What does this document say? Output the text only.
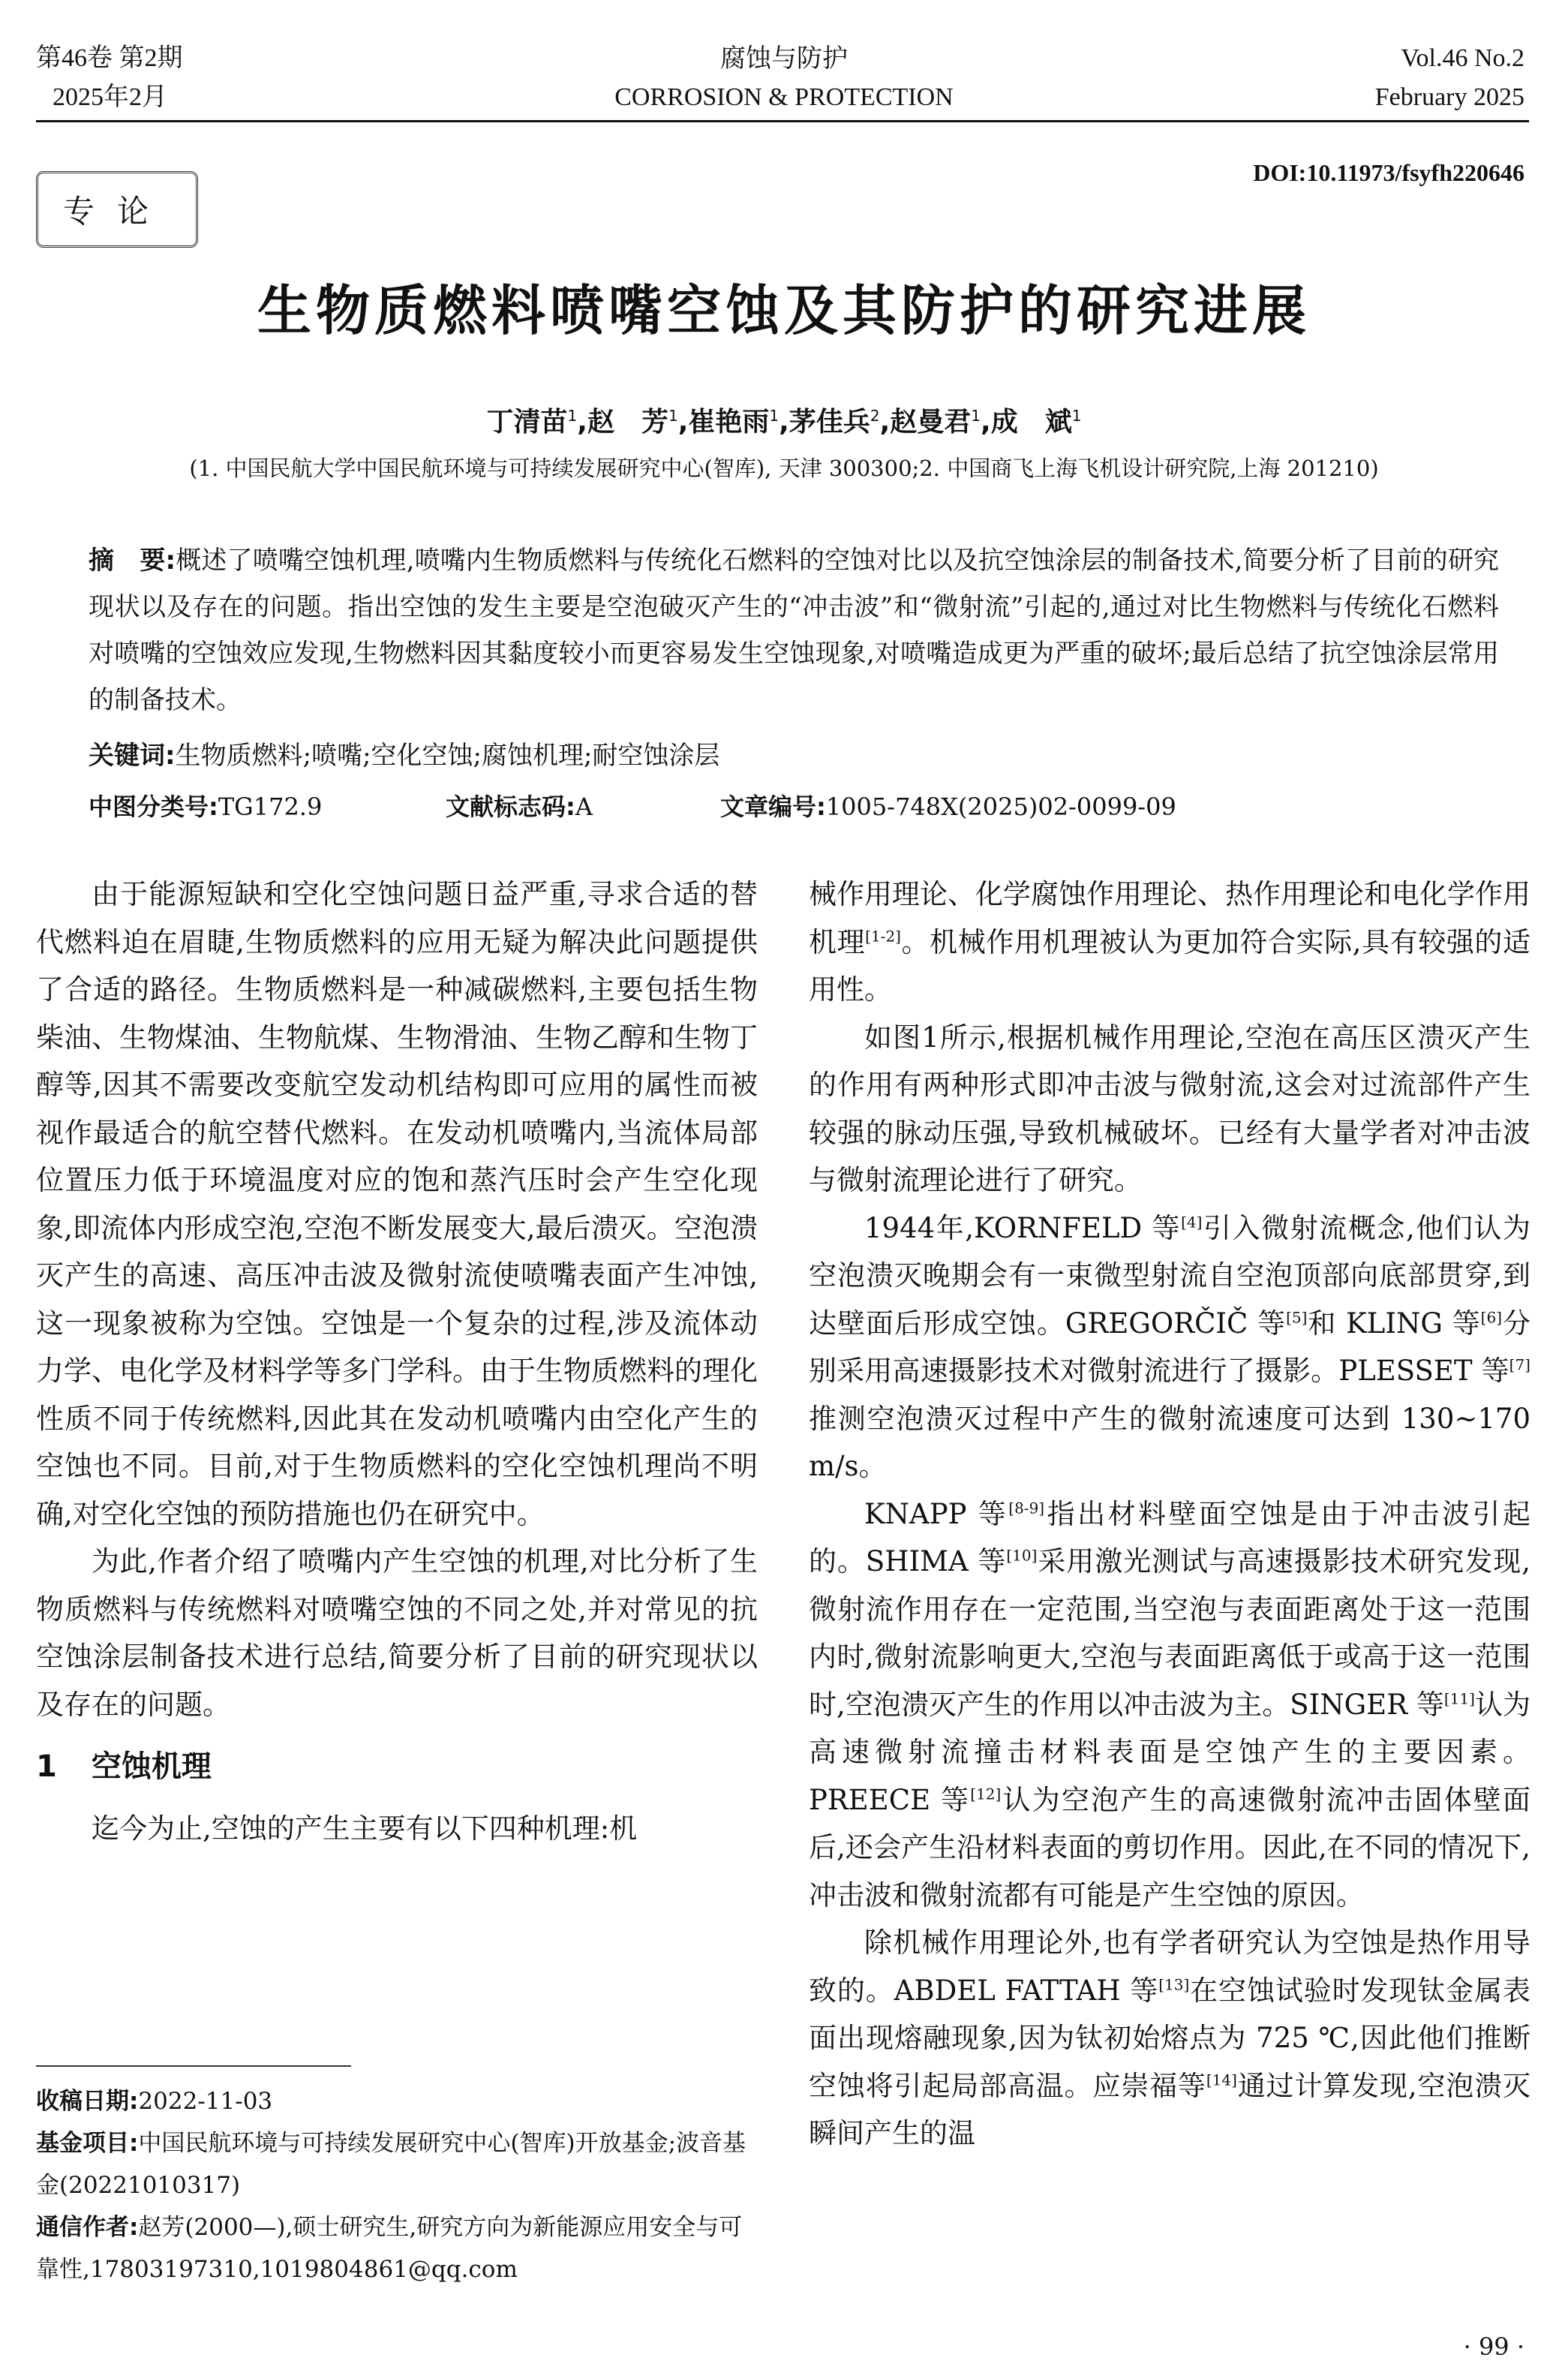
第46卷 第2期
2025年2月
腐蚀与防护
CORROSION & PROTECTION
Vol.46 No.2
February 2025
DOI:10.11973/fsyfh220646
专论
生物质燃料喷嘴空蚀及其防护的研究进展
丁清苗$^1$,赵　芳$^1$,崔艳雨$^1$,茅佳兵$^2$,赵曼君$^1$,成　斌$^1$
(1. 中国民航大学中国民航环境与可持续发展研究中心(智库), 天津 300300;2. 中国商飞上海飞机设计研究院,上海 201210)
摘　要:概述了喷嘴空蚀机理,喷嘴内生物质燃料与传统化石燃料的空蚀对比以及抗空蚀涂层的制备技术,简要分析了目前的研究现状以及存在的问题。指出空蚀的发生主要是空泡破灭产生的“冲击波”和“微射流”引起的,通过对比生物燃料与传统化石燃料对喷嘴的空蚀效应发现,生物燃料因其黏度较小而更容易发生空蚀现象,对喷嘴造成更为严重的破坏;最后总结了抗空蚀涂层常用的制备技术。
关键词:生物质燃料;喷嘴;空化空蚀;腐蚀机理;耐空蚀涂层
中图分类号:TG172.9	文献标志码:A	文章编号:1005-748X(2025)02-0099-09

由于能源短缺和空化空蚀问题日益严重,寻求合适的替代燃料迫在眉睫,生物质燃料的应用无疑为解决此问题提供了合适的路径。生物质燃料是一种减碳燃料,主要包括生物柴油、生物煤油、生物航煤、生物滑油、生物乙醇和生物丁醇等,因其不需要改变航空发动机结构即可应用的属性而被视作最适合的航空替代燃料。在发动机喷嘴内,当流体局部位置压力低于环境温度对应的饱和蒸汽压时会产生空化现象,即流体内形成空泡,空泡不断发展变大,最后溃灭。空泡溃灭产生的高速、高压冲击波及微射流使喷嘴表面产生冲蚀,这一现象被称为空蚀。空蚀是一个复杂的过程,涉及流体动力学、电化学及材料学等多门学科。由于生物质燃料的理化性质不同于传统燃料,因此其在发动机喷嘴内由空化产生的空蚀也不同。目前,对于生物质燃料的空化空蚀机理尚不明确,对空化空蚀的预防措施也仍在研究中。

为此,作者介绍了喷嘴内产生空蚀的机理,对比分析了生物质燃料与传统燃料对喷嘴空蚀的不同之处,并对常见的抗空蚀涂层制备技术进行总结,简要分析了目前的研究现状以及存在的问题。

1 空蚀机理

迄今为止,空蚀的产生主要有以下四种机理:机

械作用理论、化学腐蚀作用理论、热作用理论和电化学作用机理[1-2]。机械作用机理被认为更加符合实际,具有较强的适用性。

如图1所示,根据机械作用理论,空泡在高压区溃灭产生的作用有两种形式即冲击波与微射流,这会对过流部件产生较强的脉动压强,导致机械破坏。已经有大量学者对冲击波与微射流理论进行了研究。

1944年,KORNFELD 等[4]引入微射流概念,他们认为空泡溃灭晚期会有一束微型射流自空泡顶部向底部贯穿,到达壁面后形成空蚀。GREGORČIČ 等[5]和 KLING 等[6]分别采用高速摄影技术对微射流进行了摄影。PLESSET 等[7]推测空泡溃灭过程中产生的微射流速度可达到 130~170 m/s。

KNAPP 等[8-9]指出材料壁面空蚀是由于冲击波引起的。SHIMA 等[10]采用激光测试与高速摄影技术研究发现,微射流作用存在一定范围,当空泡与表面距离处于这一范围内时,微射流影响更大,空泡与表面距离低于或高于这一范围时,空泡溃灭产生的作用以冲击波为主。SINGER 等[11]认为高速微射流撞击材料表面是空蚀产生的主要因素。PREECE 等[12]认为空泡产生的高速微射流冲击固体壁面后,还会产生沿材料表面的剪切作用。因此,在不同的情况下,冲击波和微射流都有可能是产生空蚀的原因。

除机械作用理论外,也有学者研究认为空蚀是热作用导致的。ABDEL FATTAH 等[13]在空蚀试验时发现钛金属表面出现熔融现象,因为钛初始熔点为 725 ℃,因此他们推断空蚀将引起局部高温。应崇福等[14]通过计算发现,空泡溃灭瞬间产生的温

收稿日期:2022-11-03
基金项目:中国民航环境与可持续发展研究中心(智库)开放基金;波音基金(20221010317)
通信作者:赵芳(2000—),硕士研究生,研究方向为新能源应用安全与可靠性,17803197310,1019804861@qq.com
· 99 ·
